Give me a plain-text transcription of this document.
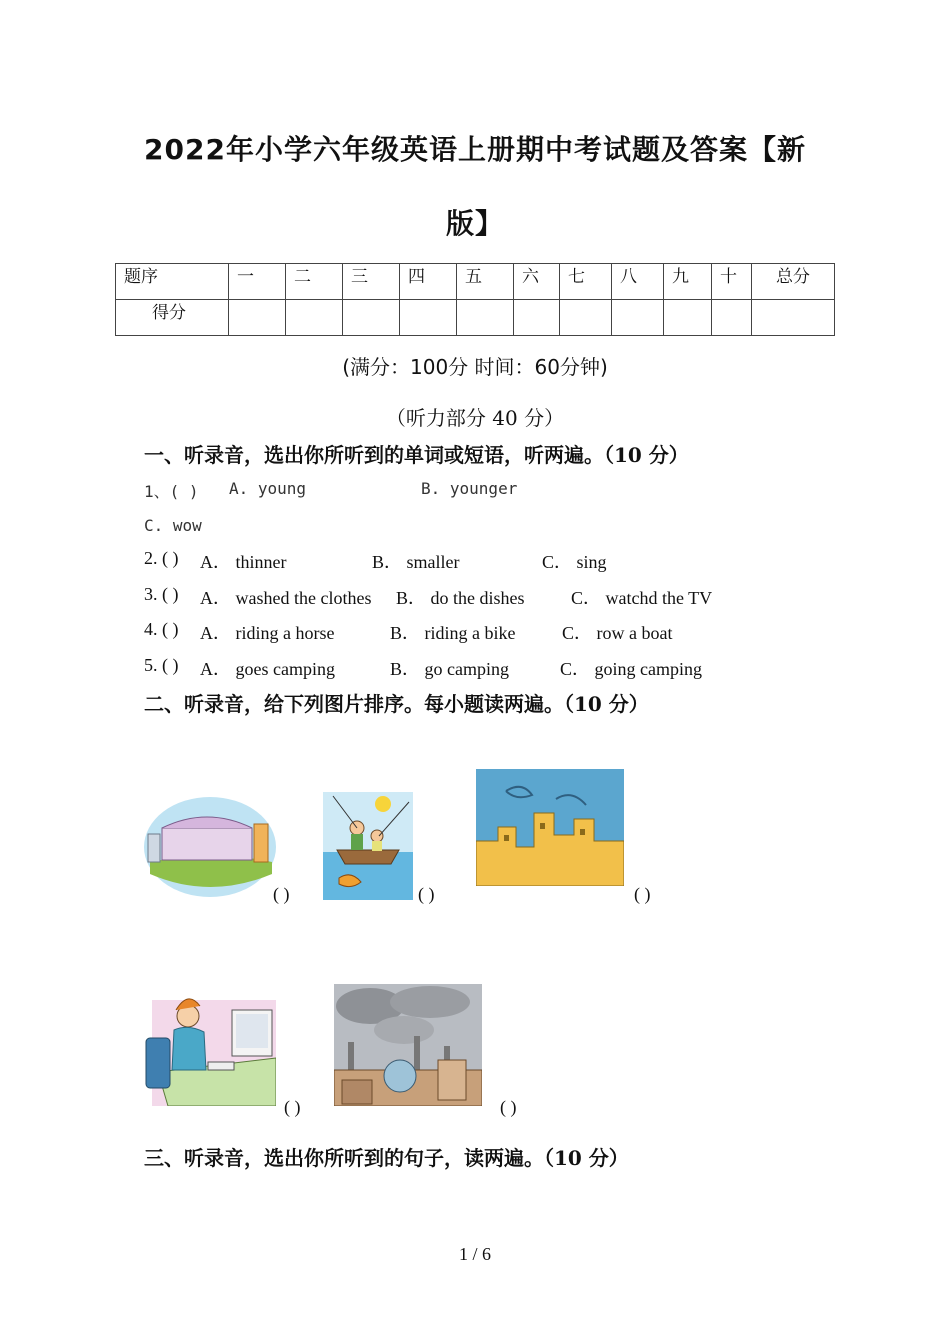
2022年小学六年级英语上册期中考试题及答案【新
版】
题序	一	二	三	四	五	六	七	八	九	十	总分
得分											
(满分：100分 时间：60分钟)
（听力部分 40 分）
一、听录音，选出你所听到的单词或短语，听两遍。（10 分）
1、( ) A. young	B. younger
C. wow
2. ( ) A． thinner	B． smaller	C． sing
3. ( ) A． washed the clothes B． do the dishes	C． watchd the TV
4. ( ) A． riding a horse	B． riding a bike	C． row a boat
5. ( ) A． goes camping	B． go camping	C． going camping
二、听录音，给下列图片排序。每小题读两遍。（10 分）
( )	( )	( )
( )	( )
三、听录音，选出你所听到的句子，读两遍。（10 分）
1 / 6
